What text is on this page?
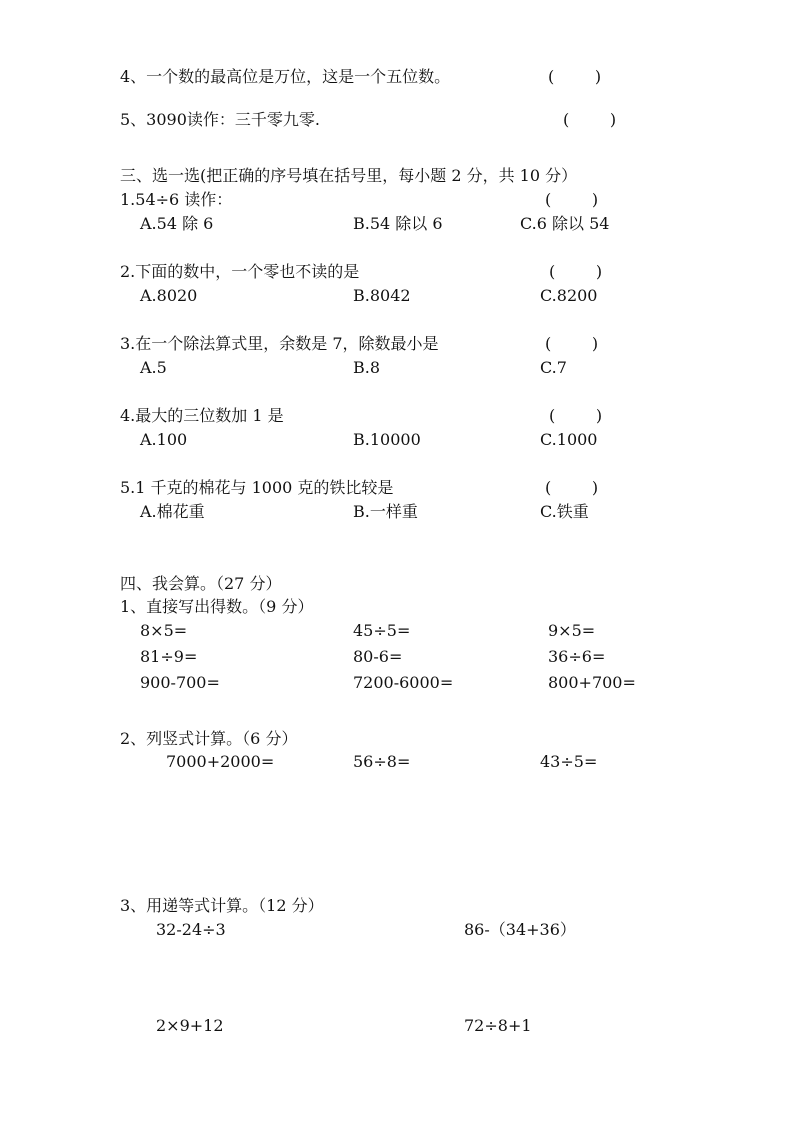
4、一个数的最高位是万位，这是一个五位数。	(        )
5、3090读作：三千零九零.	(        )
三、选一选(把正确的序号填在括号里，每小题 2 分，共 10 分）
1.54÷6 读作：	(        )
A.54 除 6	B.54 除以 6	C.6 除以 54
2.下面的数中，一个零也不读的是	(        )
A.8020	B.8042	C.8200
3.在一个除法算式里，余数是 7，除数最小是	(        )
A.5	B.8	C.7
4.最大的三位数加 1 是	(        )
A.100	B.10000	C.1000
5.1 千克的棉花与 1000 克的铁比较是	(        )
A.棉花重	B.一样重	C.铁重
四、我会算。（27 分）
1、直接写出得数。（9 分）
8×5=	45÷5=	9×5=
81÷9=	80-6=	36÷6=
900-700=	7200-6000=	800+700=
2、列竖式计算。（6 分）
7000+2000=	56÷8=	43÷5=
3、用递等式计算。（12 分）
32-24÷3	86-（34+36）
2×9+12	72÷8+1
